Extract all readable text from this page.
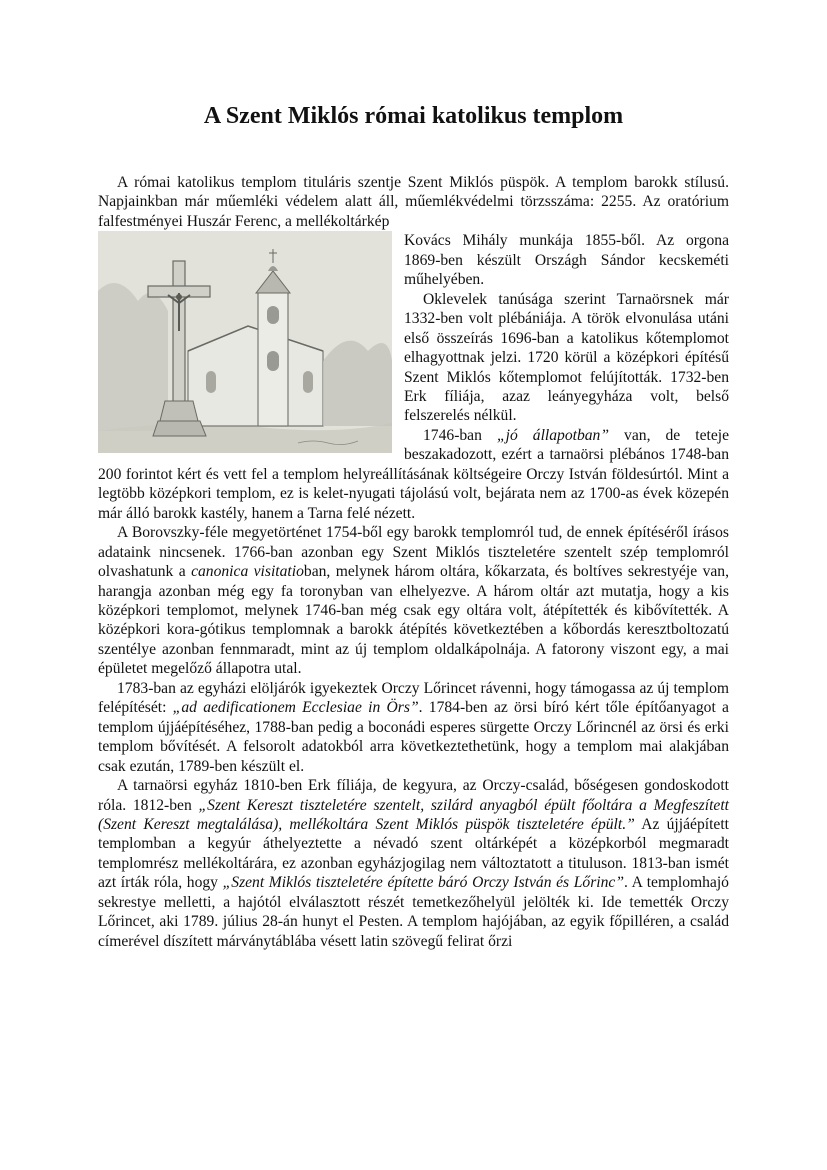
A Szent Miklós római katolikus templom

A római katolikus templom tituláris szentje Szent Miklós püspök. A templom barokk stílusú. Napjainkban már műemléki védelem alatt áll, műemlékvédelmi törzsszáma: 2255. Az oratórium falfestményei Huszár Ferenc, a mellékoltárkép

Kovács Mihály munkája 1855-ből. Az orgona 1869-ben készült Országh Sándor kecskeméti műhelyében.

Oklevelek tanúsága szerint Tarnaörsnek már 1332-ben volt plébániája. A török elvonulása utáni első összeírás 1696-ban a katolikus kőtemplomot elhagyottnak jelzi. 1720 körül a középkori építésű Szent Miklós kőtemplomot felújították. 1732-ben Erk fíliája, azaz leányegyháza volt, belső felszerelés nélkül.

1746-ban „jó állapotban” van, de teteje beszakadozott, ezért a tarnaörsi plébános 1748-ban 200 forintot kért és vett fel a templom helyreállításának költségeire Orczy István földesúrtól. Mint a legtöbb középkori templom, ez is kelet-nyugati tájolású volt, bejárata nem az 1700-as évek közepén már álló barokk kastély, hanem a Tarna felé nézett.

A Borovszky-féle megyetörténet 1754-ből egy barokk templomról tud, de ennek építéséről írásos adataink nincsenek. 1766-ban azonban egy Szent Miklós tiszteletére szentelt szép templomról olvashatunk a canonica visitatioban, melynek három oltára, kőkarzata, és boltíves sekrestyéje van, harangja azonban még egy fa toronyban van elhelyezve. A három oltár azt mutatja, hogy a kis középkori templomot, melynek 1746-ban még csak egy oltára volt, átépítették és kibővítették. A középkori kora-gótikus templomnak a barokk átépítés következtében a kőbordás keresztboltozatú szentélye azonban fennmaradt, mint az új templom oldalkápolnája. A fatorony viszont egy, a mai épületet megelőző állapotra utal.

1783-ban az egyházi elöljárók igyekeztek Orczy Lőrincet rávenni, hogy támogassa az új templom felépítését: „ad aedificationem Ecclesiae in Örs”. 1784-ben az örsi bíró kért tőle építőanyagot a templom újjáépítéséhez, 1788-ban pedig a boconádi esperes sürgette Orczy Lőrincnél az örsi és erki templom bővítését. A felsorolt adatokból arra következtethetünk, hogy a templom mai alakjában csak ezután, 1789-ben készült el.

A tarnaörsi egyház 1810-ben Erk fíliája, de kegyura, az Orczy-család, bőségesen gondoskodott róla. 1812-ben „Szent Kereszt tiszteletére szentelt, szilárd anyagból épült főoltára a Megfeszített (Szent Kereszt megtalálása), mellékoltára Szent Miklós püspök tiszteletére épült.” Az újjáépített templomban a kegyúr áthelyeztette a névadó szent oltárképét a középkorból megmaradt templomrész mellékoltárára, ez azonban egyházjogilag nem változtatott a tituluson. 1813-ban ismét azt írták róla, hogy „Szent Miklós tiszteletére építette báró Orczy István és Lőrinc”. A templomhajó sekrestye melletti, a hajótól elválasztott részét temetkezőhelyül jelölték ki. Ide temették Orczy Lőrincet, aki 1789. július 28-án hunyt el Pesten. A templom hajójában, az egyik főpilléren, a család címerével díszített márványtáblába vésett latin szövegű felirat őrzi
